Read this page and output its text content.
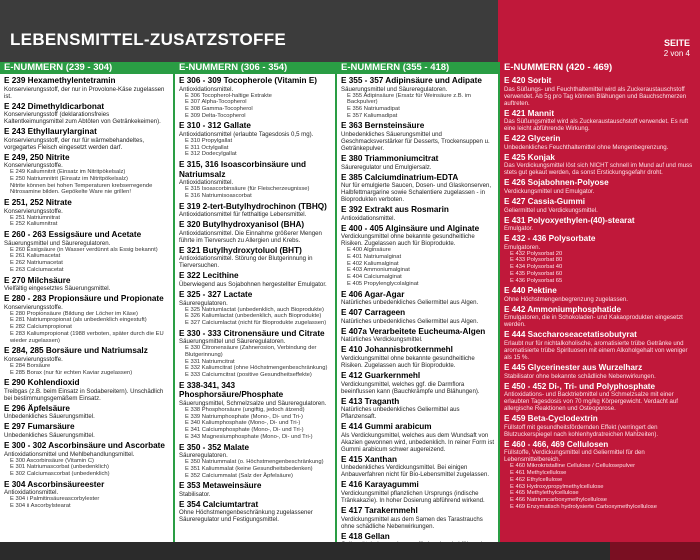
LEBENSMITTEL-ZUSATZSTOFFE	SEITE
2 von 4
E-NUMMERN (239 - 304)
E 239 Hexamethylentetramin
Konservierungsstoff, der nur in Provolone-Käse zugelassen ist.
E 242 Dimethyldicarbonat
Konservierungsstoff (deklarationsfreies Kaltentkeimungsmittel zum Abtöten von Getränkekeimen).
E 243 Ethyllaurylarginat
Konservierungsstoff, der nur für wärmebehandeltes, vorgegartes Fleisch eingesetzt werden darf.
E 249, 250 Nitrite
Konservierungsstoffe.
E 249 Kaliumnitrit (Einsatz im Nitritpökelsalz)
E 250 Natriumnitrit (Einsatz im Nitritpökelsalz)
Nitrite können bei hohen Temperaturen krebserregende Nitrosamine bilden. Gepökelte Ware nie grillen!
E 251, 252 Nitrate
Konservierungsstoffe.
E 251 Natriumnitrat
E 252 Kaliumnitrat
E 260 - 263 Essigsäure und Acetate
Säuerungsmittel und Säureregulatoren.
E 260 Essigsäure (in Wasser verdünnt als Essig bekannt)
E 261 Kaliumacetat
E 262 Natriumacetat
E 263 Calciumacetat
E 270 Milchsäure
Vielfältig eingesetztes Säuerungsmittel.
E 280 - 283 Propionsäure und Propionate
Konservierungsstoffe.
E 280 Propionsäure (Bildung der Löcher im Käse)
E 281 Natriumpropionat (als unbedenklich eingestuft)
E 282 Calciumpropionat
E 283 Kaliumpropionat (1988 verboten, später durch die EU wieder zugelassen)
E 284, 285 Borsäure und Natriumsalz
Konservierungsstoffe.
E 284 Borsäure
E 285 Borax (nur für echten Kaviar zugelassen)
E 290 Kohlendioxid
Treibgas (z.B. beim Einsatz in Sodabereitern). Unschädlich bei bestimmungsgemäßem Einsatz.
E 296 Äpfelsäure
Unbedenkliches Säuerungsmittel.
E 297 Fumarsäure
Unbedenkliches Säuerungsmittel.
E 300 - 302 Ascorbinsäure und Ascorbate
Antioxidationsmittel und Mehlbehandlungsmittel.
E 300 Ascorbinsäure (Vitamin C)
E 301 Natriumascorbat (unbedenklich)
E 302 Calciumascorbat (unbedenklich)
E 304 Ascorbinsäureester
Antioxidationsmittel.
E 304 i Palmitinsäureascorbylester
E 304 ii Ascorbylstearat
E-NUMMERN (306 - 354)
E 306 - 309 Tocopherole (Vitamin E)
Antioxidationsmittel.
E 306 Tocopherol-haltige Extrakte
E 307 Alpha-Tocopherol
E 308 Gamma-Tocopherol
E 309 Delta-Tocopherol
E 310 - 312 Gallate
Antioxidationsmittel (erlaubte Tagesdosis 0,5 mg).
E 310 Propylgallat
E 311 Octylgallat
E 312 Dodecylgallat
E 315, 316 Isoascorbinsäure und Natriumsalz
Antioxidationsmittel.
E 315 Isoascorbinsäure (für Fleischerzeugnisse)
E 316 Natriumisoascorbat
E 319 2-tert-Butylhydrochinon (TBHQ)
Antioxidationsmittel für fetthaltige Lebensmittel.
E 320 Butylhydroxyanisol (BHA)
Antioxidationsmittel. Die Einnahme größerer Mengen führte im Tierversuch zu Allergien und Krebs.
E 321 Butylhydroxytoluol (BHT)
Antioxidationsmittel. Störung der Blutgerinnung in Tierversuchen.
E 322 Lecithine
Überwiegend aus Sojabohnen hergestellter Emulgator.
E 325 - 327 Lactate
Säureregulatoren.
E 325 Natriumlactat (unbedenklich, auch Bioprodukte)
E 326 Kaliumlactat (unbedenklich, auch Bioprodukte)
E 327 Calciumlactat (nicht für Bioprodukte zugelassen)
E 330 - 333 Citronensäure und Citrate
Säuerungsmittel und Säureregulatoren.
E 330 Citronensäure (Zahnerosion, Verbindung der Blutgerinnung)
E 331 Natriumcitrat
E 332 Kaliumcitrat (ohne Höchstmengenbeschränkung)
E 333 Calciumcitrat (positive Gesundheitseffekte)
E 338-341, 343 Phosphorsäure/Phosphate
Säuerungsmittel, Schmelzsalze und Säureregulatoren.
E 338 Phosphorsäure (ungiftig, jedoch ätzend)
E 339 Natriumphosphate (Mono-, Di- und Tri-)
E 340 Kaliumphosphate (Mono-, Di- und Tri-)
E 341 Calciumphosphate (Mono-, Di- und Tri-)
E 343 Magnesiumphosphate (Mono-, Di- und Tri-)
E 350 - 352 Malate
Säureregulatoren.
E 350 Natriummalat (o. Höchstmengenbeschränkung)
E 351 Kaliummalat (keine Gesundheitsbedenken)
E 352 Calciummalat (Salz der Äpfelsäure)
E 353 Metaweinsäure
Stabilisator.
E 354 Calciumtartrat
Ohne Höchstmengenbeschränkung zugelassener Säureregulator und Festigungsmittel.
E-NUMMERN (355 - 418)
E 355 - 357 Adipinsäure und Adipate
Säuerungsmittel und Säureregulatoren.
E 355 Adipinsäure (Ersatz für Weinsäure z.B. im Backpulver)
E 356 Natriumadipat
E 357 Kaliumadipat
E 363 Bernsteinsäure
Unbedenkliches Säuerungsmittel und Geschmacksverstärker für Desserts, Trockensuppen u. Getränkepulver.
E 380 Triammoniumcitrat
Säureregulator und Emulgiersalz.
E 385 Calciumdinatrium-EDTA
Nur für emulgierte Saucen, Dosen- und Glaskonserven, Halbfettmargarine sowie Schalentiere zugelassen - in Bioprodukten verboten.
E 392 Extrakt aus Rosmarin
Antioxidationsmittel.
E 400 - 405 Alginsäure und Alginate
Verdickungsmittel ohne bekannte gesundheitliche Risiken. Zugelassen auch für Bioprodukte.
E 400 Alginsäure
E 401 Natriumalginat
E 402 Kaliumalginat
E 403 Ammoniumalginat
E 404 Calciumalginat
E 405 Propylenglycolalginat
E 406 Agar-Agar
Natürliches unbedenkliches Geliermittel aus Algen.
E 407 Carrageen
Natürliches unbedenkliches Geliermittel aus Algen.
E 407a Verarbeitete Eucheuma-Algen
Natürliches Verdickungsmittel.
E 410 Johannisbrotkernmehl
Verdickungsmittel ohne bekannte gesundheitliche Risiken. Zugelassen auch für Bioprodukte.
E 412 Guarkernmehl
Verdickungsmittel, welches ggf. die Darmflora beeinflussen kann (Bauchkrämpfe und Blähungen).
E 413 Traganth
Natürliches unbedenkliches Geliermittel aus Pflanzensaft.
E 414 Gummi arabicum
Als Verdickungsmittel, welches aus dem Wundsaft von Akazien gewonnen wird, unbedenklich. In reiner Form ist Gummi arabicum schwer augereizend.
E 415 Xanthan
Unbedenkliches Verdickungsmittel. Bei einigen Anbauverfahren nicht für Bio-Lebensmittel zugelassen.
E 416 Karayagummi
Verdickungsmittel pflanzlichen Ursprungs (indische Tränkakazie). In hoher Dosierung abführend wirkend.
E 417 Tarakernmehl
Verdickungsmittel aus dem Samen des Tarastrauchs ohne schädliche Nebenwirkungen.
E 418 Gellan
E-NUMMERN (420 - 469)
E 420 Sorbit
Das Süßungs- und Feuchthaltemittel wird als Zuckeraustauschstoff verwendet. Ab 5g pro Tag können Blähungen und Bauchschmerzen auftreten.
E 421 Mannit
Das Süßungsmittel wird als Zuckeraustauschstoff verwendet. Es ruft eine leicht abführende Wirkung.
E 422 Glycerin
Unbedenkliches Feuchthaltemittel ohne Mengenbegrenzung.
E 425 Konjak
Das Verdickungsmittel löst sich NICHT schnell im Mund auf und muss stets gut gekaut werden, da sonst Erstickungsgefahr droht.
E 426 Sojabohnen-Polyose
Verdickungsmittel und Emulgator.
E 427 Cassia-Gummi
Geliermittel und Verdickungsmittel.
E 431 Polyoxyethylen-(40)-stearat
Emulgator.
E 432 - 436 Polysorbate
Emulgatoren.
E 432 Polysorbat 20
E 433 Polysorbat 80
E 434 Polysorbat 40
E 435 Polysorbat 60
E 436 Polysorbat 65
E 440 Pektine
Ohne Höchstmengenbegrenzung zugelassen.
E 442 Ammoniumphosphatide
Emulgatoren, die in Schokoladen- und Kakaoprodukten eingesetzt werden.
E 444 Saccharoseacetatisobutyrat
Erlaubt nur für nichtalkoholische, aromatisierte trübe Getränke und aromatisierte trübe Spirituosen mit einem Alkoholgehalt von weniger als 15 %.
E 445 Glycerinester aus Wurzelharz
Stabilisator ohne bekannte schädliche Nebenwirkungen.
E 450 - 452 Di-, Tri- und Polyphosphate
Antioxidations- und Backtriebmittel und Schmelzsalze mit einer erlaubten Tagesdosis von 70 mg/kg Körpergewicht. Verdacht auf allergische Reaktionen und Osteoporose.
E 459 Beta-Cyclodextrin
Füllstoff mit gesundheitsfördernden Effekt (verringert den Blutzuckerspiegel nach kohlenhydratreichen Mahlzeiten).
E 460 - 466, 469 Cellulosen
Füllstoffe, Verdickungsmittel und Geliermittel für den Lebensmittelbereich.
E 460 Mikrokristalline Cellulose / Cellulosepulver
E 461 Methylcellulose
E 462 Ethylcellulose
E 463 Hydroxypropylmethylcellulose
E 465 Methylethylcellulose
E 466 Natriumcarboxymethylcellulose
E 469 Enzymatisch hydrolysierte Carboxymethylcellulose
